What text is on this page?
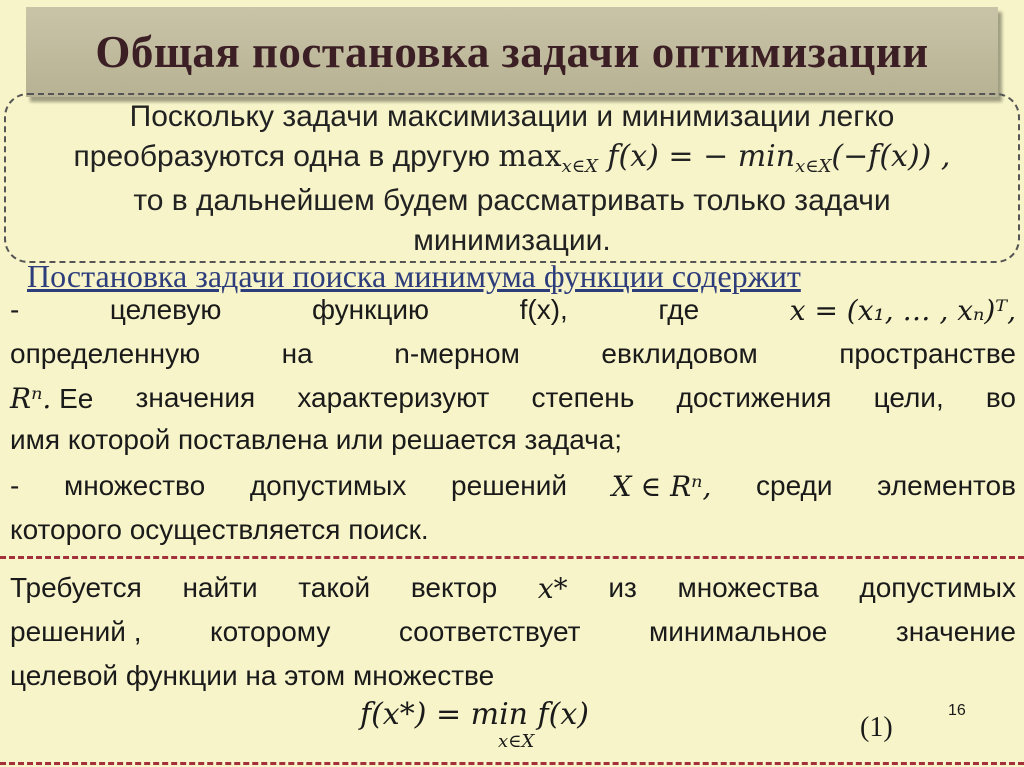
Общая постановка задачи оптимизации
Поскольку задачи максимизации и минимизации легко
преобразуются одна в другую $\max_{x\in X} f(x)$ = − $\min_{x\in X}(-f(x))$ ,
то в дальнейшем будем рассматривать только задачи
минимизации.
Постановка задачи поиска минимума функции содержит
-	целевую	функцию	f(x),	где	x = (x₁, … , xₙ)ᵀ,
определенную	на	n-мерном	евклидовом	пространстве
Rⁿ. Ее значения характеризуют степень достижения цели, во
имя которой поставлена или решается задача;
- множество допустимых решений X ∈ Rⁿ, среди элементов
которого осуществляется поиск.
Требуется найти такой вектор x* из множества допустимых
решений , которому соответствует минимальное значение
целевой функции на этом множестве
f(x*) = min f(x)
x∈X	(1)
16
